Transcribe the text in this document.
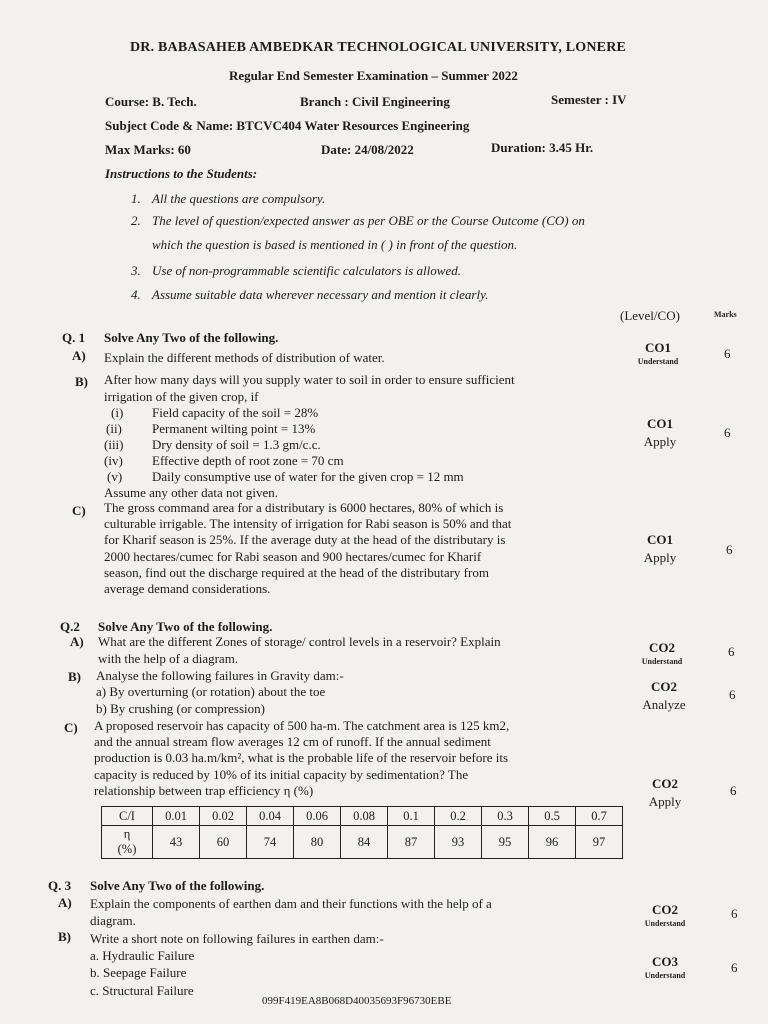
DR. BABASAHEB AMBEDKAR TECHNOLOGICAL UNIVERSITY, LONERE
Regular End Semester Examination – Summer 2022
Course: B. Tech.	Branch : Civil Engineering	Semester : IV
Subject Code & Name: BTCVC404 Water Resources Engineering
Max Marks: 60	Date: 24/08/2022	Duration: 3.45 Hr.
Instructions to the Students:
1. All the questions are compulsory.
2. The level of question/expected answer as per OBE or the Course Outcome (CO) on
which the question is based is mentioned in ( ) in front of the question.
3. Use of non-programmable scientific calculators is allowed.
4. Assume suitable data wherever necessary and mention it clearly.
(Level/CO)	Marks
Q. 1 Solve Any Two of the following.
A) Explain the different methods of distribution of water.
CO1
Understand
6
B) After how many days will you supply water to soil in order to ensure sufficient
irrigation of the given crop, if
(i) Field capacity of the soil = 28%
(ii) Permanent wilting point = 13%
(iii) Dry density of soil = 1.3 gm/c.c.
(iv) Effective depth of root zone = 70 cm
(v) Daily consumptive use of water for the given crop = 12 mm
Assume any other data not given.
CO1
Apply
6
C) The gross command area for a distributary is 6000 hectares, 80% of which is
culturable irrigable. The intensity of irrigation for Rabi season is 50% and that
for Kharif season is 25%. If the average duty at the head of the distributary is
2000 hectares/cumec for Rabi season and 900 hectares/cumec for Kharif
season, find out the discharge required at the head of the distributary from
average demand considerations.
CO1
Apply
6
Q.2 Solve Any Two of the following.
A) What are the different Zones of storage/ control levels in a reservoir? Explain
with the help of a diagram.
CO2
Understand
6
B) Analyse the following failures in Gravity dam:-
a) By overturning (or rotation) about the toe
b) By crushing (or compression)
CO2
Analyze
6
C) A proposed reservoir has capacity of 500 ha-m. The catchment area is 125 km2,
and the annual stream flow averages 12 cm of runoff. If the annual sediment
production is 0.03 ha.m/km², what is the probable life of the reservoir before its
capacity is reduced by 10% of its initial capacity by sedimentation? The
relationship between trap efficiency η (%)
C/I	0.01	0.02	0.04	0.06	0.08	0.1	0.2	0.3	0.5	0.7

η
(%)	43	60	74	80	84	87	93	95	96	97
CO2
Apply
6
Q. 3 Solve Any Two of the following.
A) Explain the components of earthen dam and their functions with the help of a
diagram.
CO2
Understand
6
B) Write a short note on following failures in earthen dam:-
a. Hydraulic Failure
b. Seepage Failure
c. Structural Failure
CO3
Understand
6
099F419EA8B068D40035693F96730EBE
